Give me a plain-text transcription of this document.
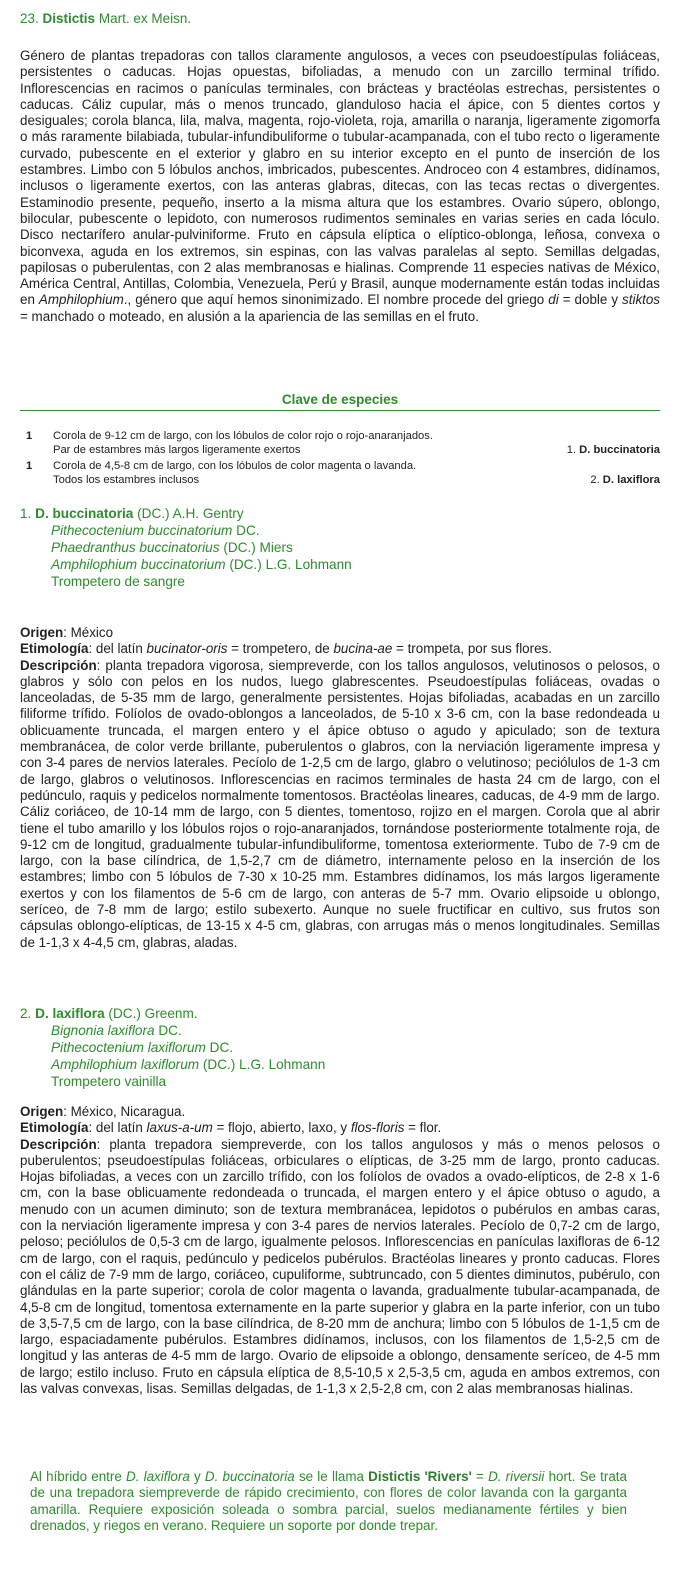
23. Distictis Mart. ex Meisn.

Género de plantas trepadoras con tallos claramente angulosos, a veces con pseudoestípulas foliáceas, persistentes o caducas. Hojas opuestas, bifoliadas, a menudo con un zarcillo terminal trífido. Inflorescencias en racimos o panículas terminales, con brácteas y bractéolas estrechas, persistentes o caducas. Cáliz cupular, más o menos truncado, glanduloso hacia el ápice, con 5 dientes cortos y desiguales; corola blanca, lila, malva, magenta, rojo-violeta, roja, amarilla o naranja, ligeramente zigomorfa o más raramente bilabiada, tubular-infundibuliforme o tubular-acampanada, con el tubo recto o ligeramente curvado, pubescente en el exterior y glabro en su interior excepto en el punto de inserción de los estambres. Limbo con 5 lóbulos anchos, imbricados, pubescentes. Androceo con 4 estambres, didínamos, inclusos o ligeramente exertos, con las anteras glabras, ditecas, con las tecas rectas o divergentes. Estaminodio presente, pequeño, inserto a la misma altura que los estambres. Ovario súpero, oblongo, bilocular, pubescente o lepidoto, con numerosos rudimentos seminales en varias series en cada lóculo. Disco nectarífero anular-pulviniforme. Fruto en cápsula elíptica o elíptico-oblonga, leñosa, convexa o biconvexa, aguda en los extremos, sin espinas, con las valvas paralelas al septo. Semillas delgadas, papilosas o puberulentas, con 2 alas membranosas e hialinas. Comprende 11 especies nativas de México, América Central, Antillas, Colombia, Venezuela, Perú y Brasil, aunque modernamente están todas incluidas en Amphilophium., género que aquí hemos sinonimizado. El nombre procede del griego di = doble y stiktos = manchado o moteado, en alusión a la apariencia de las semillas en el fruto.

Clave de especies
1 Corola de 9-12 cm de largo, con los lóbulos de color rojo o rojo-anaranjados.
Par de estambres más largos ligeramente exertos	1. D. buccinatoria
1 Corola de 4,5-8 cm de largo, con los lóbulos de color magenta o lavanda.
Todos los estambres inclusos	2. D. laxiflora
1. D. buccinatoria (DC.) A.H. Gentry
Pithecoctenium buccinatorium DC.
Phaedranthus buccinatorius (DC.) Miers
Amphilophium buccinatorium (DC.) L.G. Lohmann
Trompetero de sangre

Origen: México

Etimología: del latín bucinator-oris = trompetero, de bucina-ae = trompeta, por sus flores.

Descripción: planta trepadora vigorosa, siempreverde, con los tallos angulosos, velutinosos o pelosos, o glabros y sólo con pelos en los nudos, luego glabrescentes. Pseudoestípulas foliáceas, ovadas o lanceoladas, de 5-35 mm de largo, generalmente persistentes. Hojas bifoliadas, acabadas en un zarcillo filiforme trífido. Folíolos de ovado-oblongos a lanceolados, de 5-10 x 3-6 cm, con la base redondeada u oblicuamente truncada, el margen entero y el ápice obtuso o agudo y apiculado; son de textura membranácea, de color verde brillante, puberulentos o glabros, con la nerviación ligeramente impresa y con 3-4 pares de nervios laterales. Pecíolo de 1-2,5 cm de largo, glabro o velutinoso; peciólulos de 1-3 cm de largo, glabros o velutinosos. Inflorescencias en racimos terminales de hasta 24 cm de largo, con el pedúnculo, raquis y pedicelos normalmente tomentosos. Bractéolas lineares, caducas, de 4-9 mm de largo. Cáliz coriáceo, de 10-14 mm de largo, con 5 dientes, tomentoso, rojizo en el margen. Corola que al abrir tiene el tubo amarillo y los lóbulos rojos o rojo-anaranjados, tornándose posteriormente totalmente roja, de 9-12 cm de longitud, gradualmente tubular-infundibuliforme, tomentosa exteriormente. Tubo de 7-9 cm de largo, con la base cilíndrica, de 1,5-2,7 cm de diámetro, internamente peloso en la inserción de los estambres; limbo con 5 lóbulos de 7-30 x 10-25 mm. Estambres didínamos, los más largos ligeramente exertos y con los filamentos de 5-6 cm de largo, con anteras de 5-7 mm. Ovario elipsoide u oblongo, seríceo, de 7-8 mm de largo; estilo subexerto. Aunque no suele fructificar en cultivo, sus frutos son cápsulas oblongo-elípticas, de 13-15 x 4-5 cm, glabras, con arrugas más o menos longitudinales. Semillas de 1-1,3 x 4-4,5 cm, glabras, aladas.

2. D. laxiflora (DC.) Greenm.
Bignonia laxiflora DC.
Pithecoctenium laxiflorum DC.
Amphilophium laxiflorum (DC.) L.G. Lohmann
Trompetero vainilla

Origen: México, Nicaragua.

Etimología: del latín laxus-a-um = flojo, abierto, laxo, y flos-floris = flor.

Descripción: planta trepadora siempreverde, con los tallos angulosos y más o menos pelosos o puberulentos; pseudoestípulas foliáceas, orbiculares o elípticas, de 3-25 mm de largo, pronto caducas. Hojas bifoliadas, a veces con un zarcillo trífido, con los folíolos de ovados a ovado-elípticos, de 2-8 x 1-6 cm, con la base oblicuamente redondeada o truncada, el margen entero y el ápice obtuso o agudo, a menudo con un acumen diminuto; son de textura membranácea, lepidotos o pubérulos en ambas caras, con la nerviación ligeramente impresa y con 3-4 pares de nervios laterales. Pecíolo de 0,7-2 cm de largo, peloso; peciólulos de 0,5-3 cm de largo, igualmente pelosos. Inflorescencias en panículas laxifloras de 6-12 cm de largo, con el raquis, pedúnculo y pedicelos pubérulos. Bractéolas lineares y pronto caducas. Flores con el cáliz de 7-9 mm de largo, coriáceo, cupuliforme, subtruncado, con 5 dientes diminutos, pubérulo, con glándulas en la parte superior; corola de color magenta o lavanda, gradualmente tubular-acampanada, de 4,5-8 cm de longitud, tomentosa externamente en la parte superior y glabra en la parte inferior, con un tubo de 3,5-7,5 cm de largo, con la base cilíndrica, de 8-20 mm de anchura; limbo con 5 lóbulos de 1-1,5 cm de largo, espaciadamente pubérulos. Estambres didínamos, inclusos, con los filamentos de 1,5-2,5 cm de longitud y las anteras de 4-5 mm de largo. Ovario de elipsoide a oblongo, densamente seríceo, de 4-5 mm de largo; estilo incluso. Fruto en cápsula elíptica de 8,5-10,5 x 2,5-3,5 cm, aguda en ambos extremos, con las valvas convexas, lisas. Semillas delgadas, de 1-1,3 x 2,5-2,8 cm, con 2 alas membranosas hialinas.

Al híbrido entre D. laxiflora y D. buccinatoria se le llama Distictis 'Rivers' = D. riversii hort. Se trata de una trepadora siempreverde de rápido crecimiento, con flores de color lavanda con la garganta amarilla. Requiere exposición soleada o sombra parcial, suelos medianamente fértiles y bien drenados, y riegos en verano. Requiere un soporte por donde trepar.
